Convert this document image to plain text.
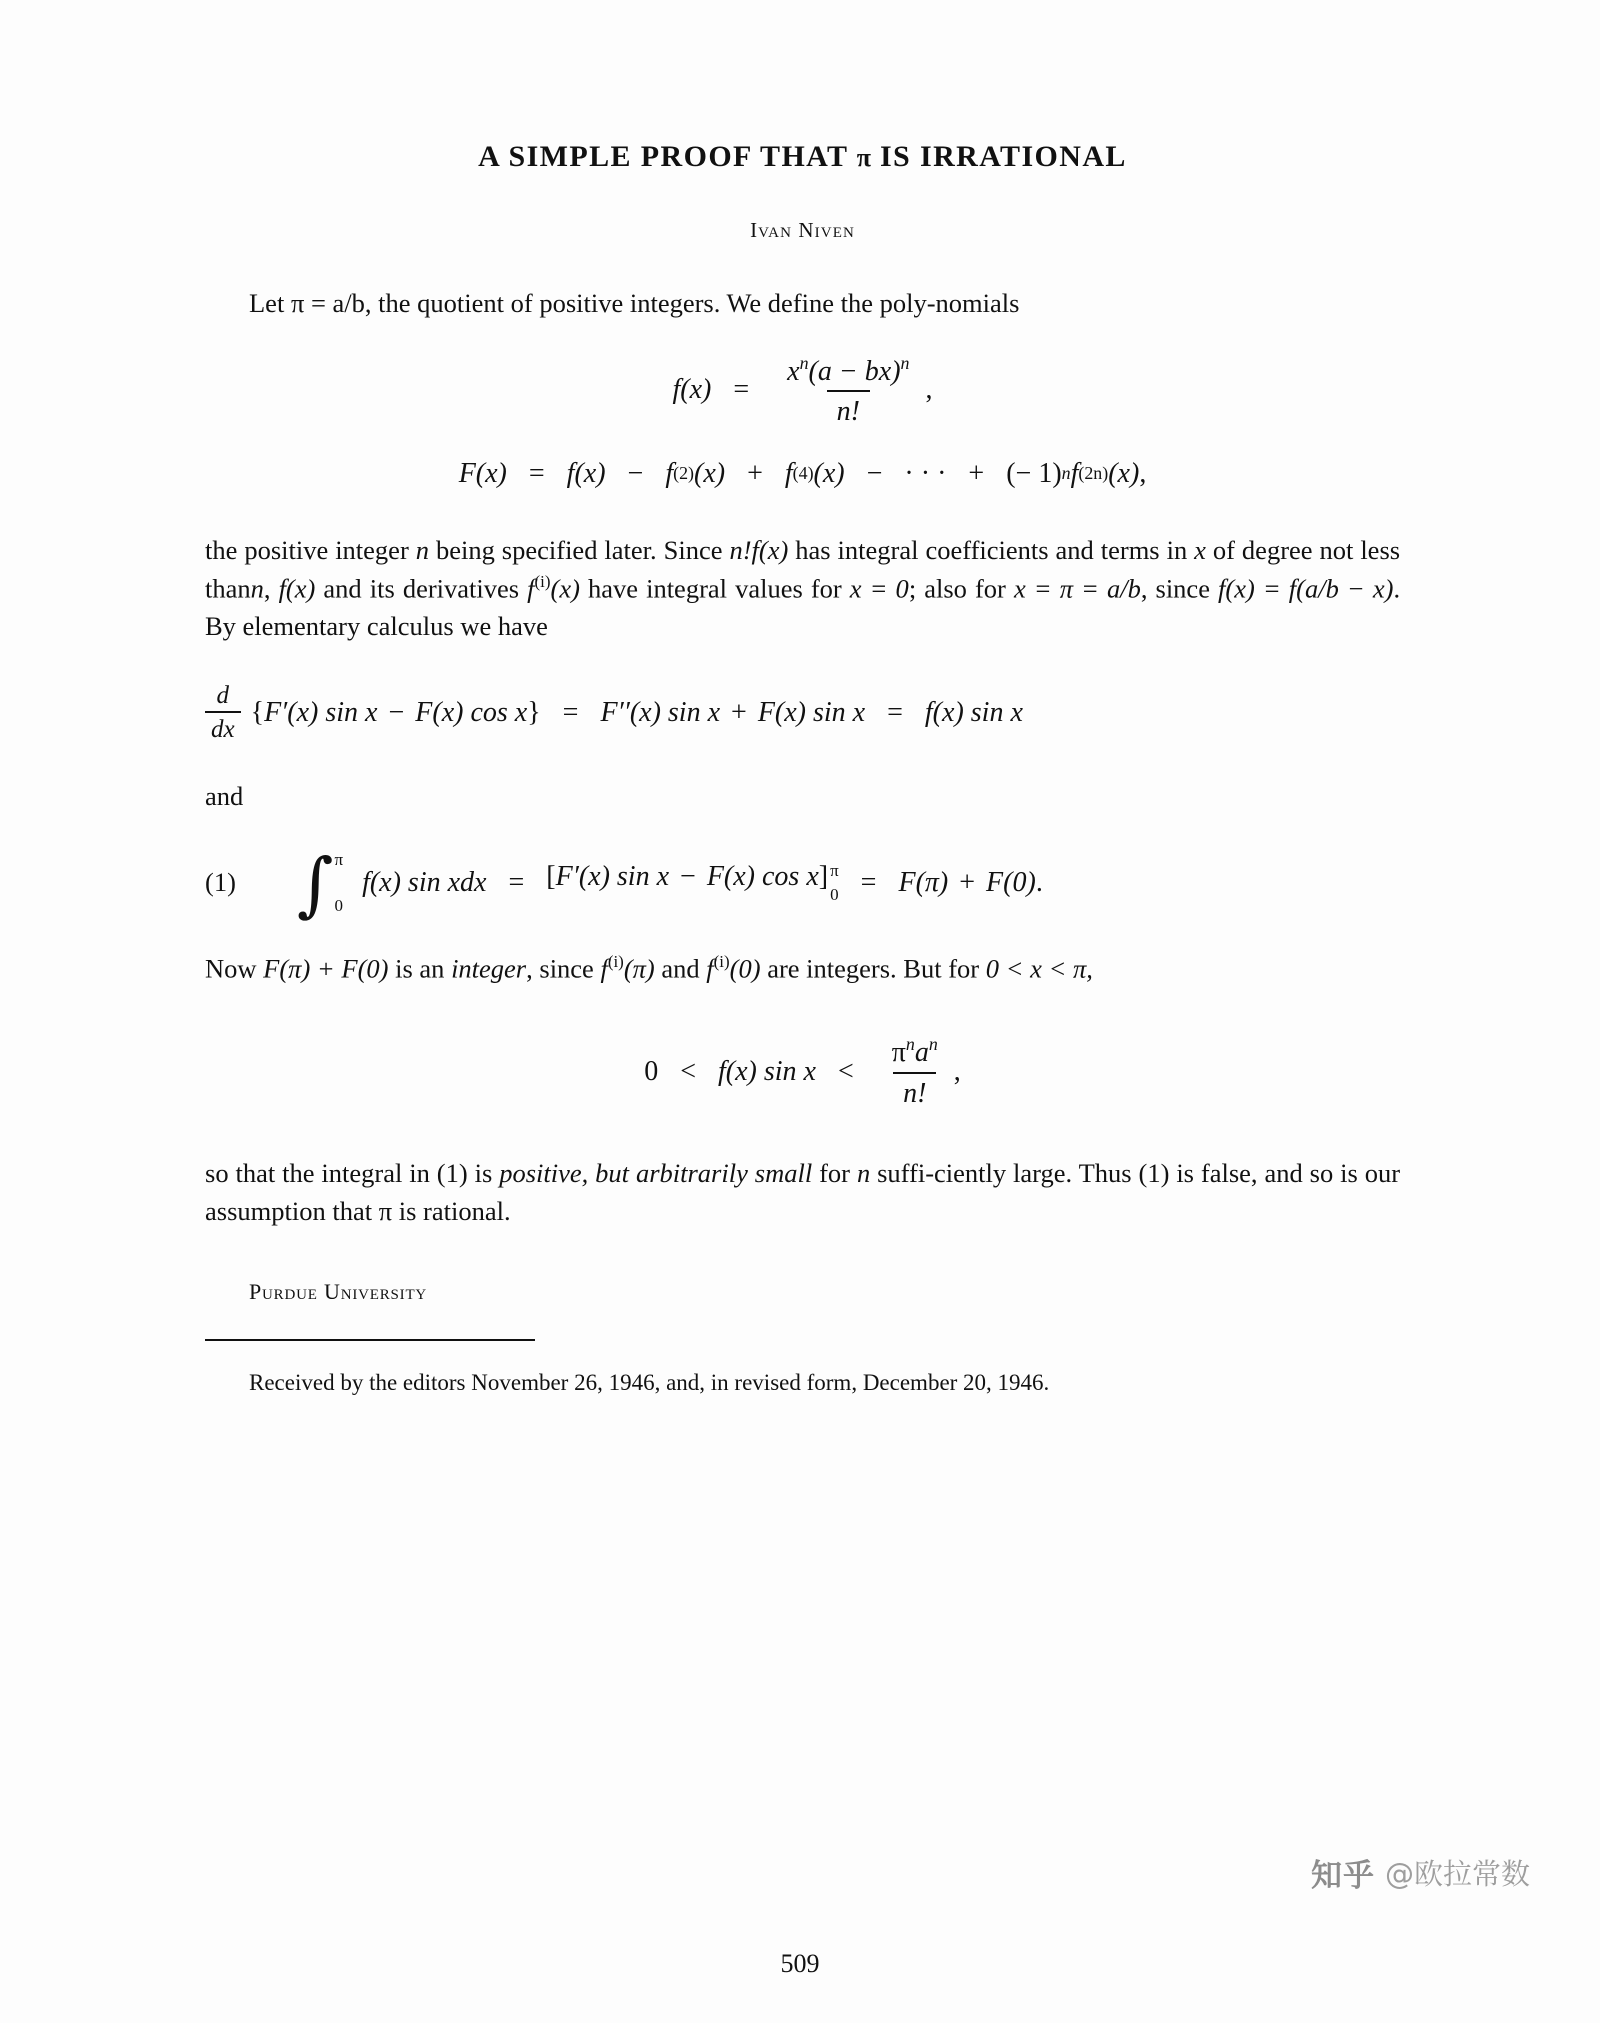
A SIMPLE PROOF THAT π IS IRRATIONAL
Ivan Niven

Let π = a/b, the quotient of positive integers. We define the poly-nomials

$f(x) = \frac{x^n(a - bx)^n}{n!}$ ,
F(x) = f(x) − f (2) (x) + f (4) (x) − · · · + (− 1) n f (2n) (x) ,

the positive integer n being specified later. Since n!f(x) has integral coefficients and terms in x of degree not less thann, f(x) and its derivatives $f^{(i)}(x)$ have integral values for x = 0; also for x = π = a/b, since f(x) = f(a/b − x). By elementary calculus we have

$\frac{d}{dx}$ { F′(x) sin x − F(x) cos x } = F′′(x) sin x + F(x) sin x = f(x) sin x

and

(1) ∫ π
0
f(x) sin xdx = [ F′(x) sin x − F(x) cos x ] π
0 = F(π) + F(0) .

Now F(π) + F(0) is an integer, since $f^{(i)}(\pi)$ and $f^{(i)}(0)$ are integers. But for 0 < x < π,

0 < f(x) $\sin x < \frac{\pi^na^n}{n!}$ ,

so that the integral in (1) is positive, but arbitrarily small for n suffi-ciently large. Thus (1) is false, and so is our assumption that π is rational.

Purdue University

Received by the editors November 26, 1946, and, in revised form, December 20, 1946.

知乎 @欧拉常数
509
